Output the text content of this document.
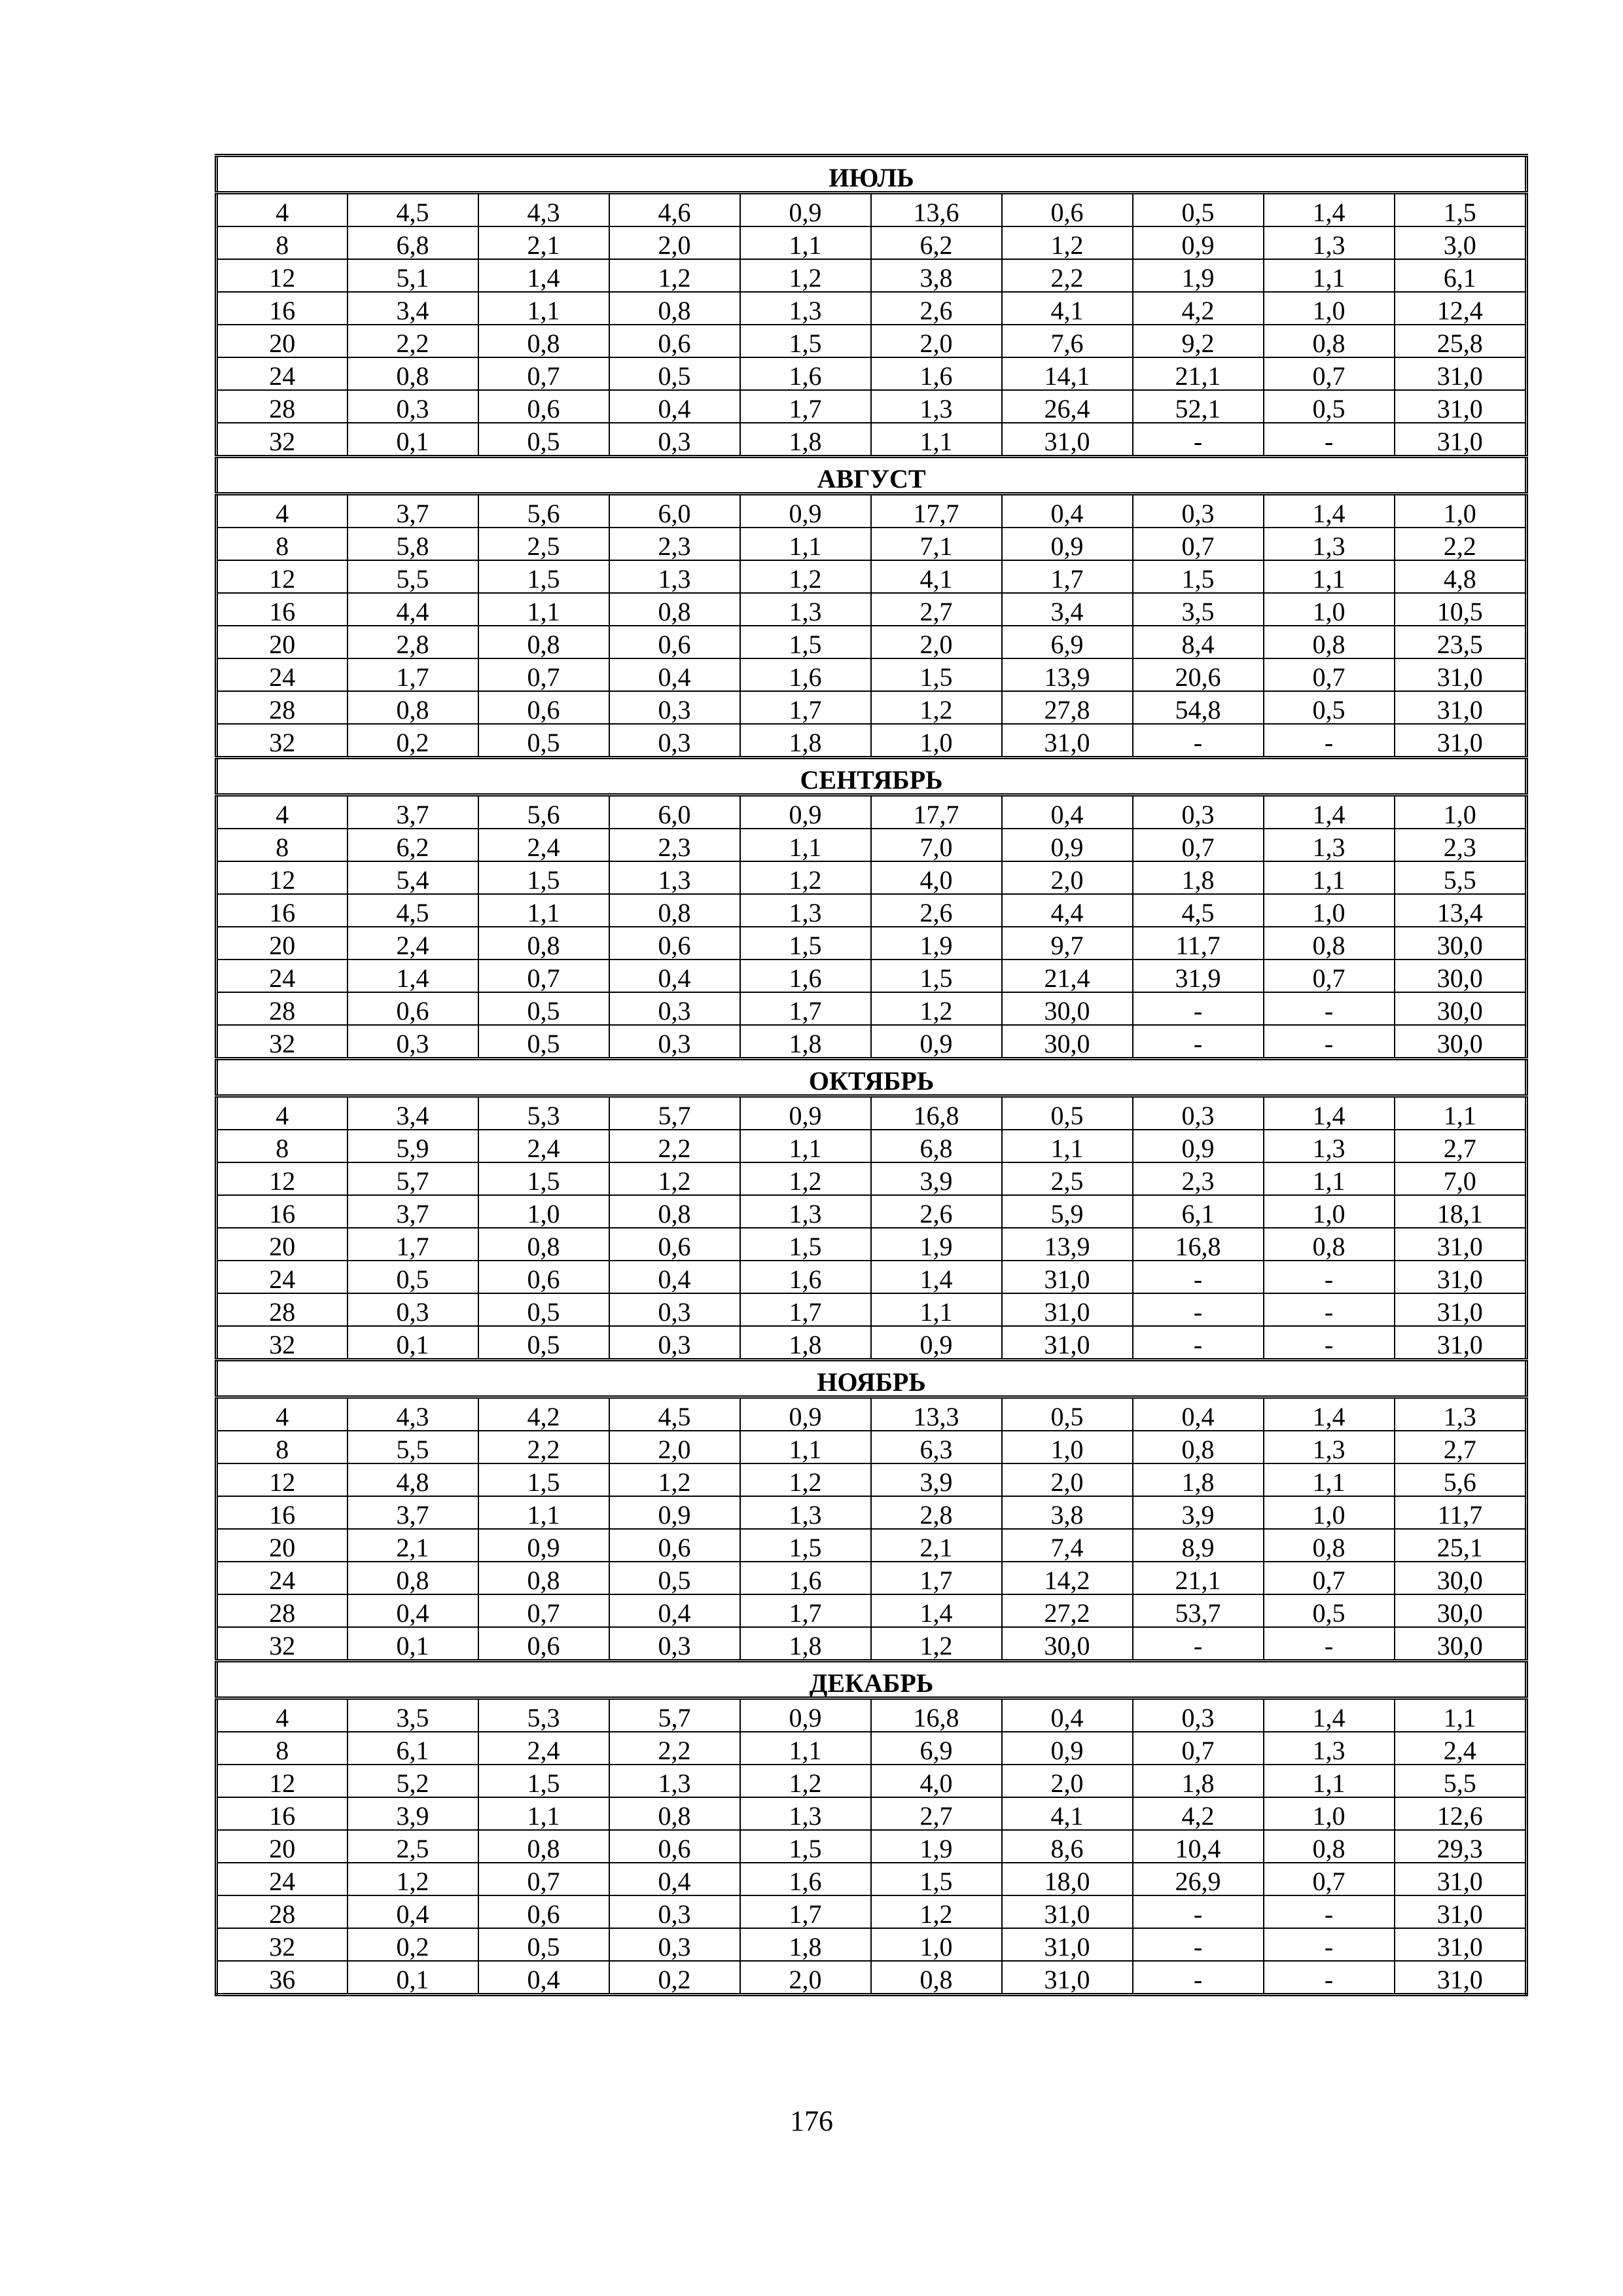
ИЮЛЬ									
4	4,5	4,3	4,6	0,9	13,6	0,6	0,5	1,4	1,5
8	6,8	2,1	2,0	1,1	6,2	1,2	0,9	1,3	3,0
12	5,1	1,4	1,2	1,2	3,8	2,2	1,9	1,1	6,1
16	3,4	1,1	0,8	1,3	2,6	4,1	4,2	1,0	12,4
20	2,2	0,8	0,6	1,5	2,0	7,6	9,2	0,8	25,8
24	0,8	0,7	0,5	1,6	1,6	14,1	21,1	0,7	31,0
28	0,3	0,6	0,4	1,7	1,3	26,4	52,1	0,5	31,0
32	0,1	0,5	0,3	1,8	1,1	31,0	-	-	31,0
АВГУСТ									
4	3,7	5,6	6,0	0,9	17,7	0,4	0,3	1,4	1,0
8	5,8	2,5	2,3	1,1	7,1	0,9	0,7	1,3	2,2
12	5,5	1,5	1,3	1,2	4,1	1,7	1,5	1,1	4,8
16	4,4	1,1	0,8	1,3	2,7	3,4	3,5	1,0	10,5
20	2,8	0,8	0,6	1,5	2,0	6,9	8,4	0,8	23,5
24	1,7	0,7	0,4	1,6	1,5	13,9	20,6	0,7	31,0
28	0,8	0,6	0,3	1,7	1,2	27,8	54,8	0,5	31,0
32	0,2	0,5	0,3	1,8	1,0	31,0	-	-	31,0
СЕНТЯБРЬ									
4	3,7	5,6	6,0	0,9	17,7	0,4	0,3	1,4	1,0
8	6,2	2,4	2,3	1,1	7,0	0,9	0,7	1,3	2,3
12	5,4	1,5	1,3	1,2	4,0	2,0	1,8	1,1	5,5
16	4,5	1,1	0,8	1,3	2,6	4,4	4,5	1,0	13,4
20	2,4	0,8	0,6	1,5	1,9	9,7	11,7	0,8	30,0
24	1,4	0,7	0,4	1,6	1,5	21,4	31,9	0,7	30,0
28	0,6	0,5	0,3	1,7	1,2	30,0	-	-	30,0
32	0,3	0,5	0,3	1,8	0,9	30,0	-	-	30,0
ОКТЯБРЬ									
4	3,4	5,3	5,7	0,9	16,8	0,5	0,3	1,4	1,1
8	5,9	2,4	2,2	1,1	6,8	1,1	0,9	1,3	2,7
12	5,7	1,5	1,2	1,2	3,9	2,5	2,3	1,1	7,0
16	3,7	1,0	0,8	1,3	2,6	5,9	6,1	1,0	18,1
20	1,7	0,8	0,6	1,5	1,9	13,9	16,8	0,8	31,0
24	0,5	0,6	0,4	1,6	1,4	31,0	-	-	31,0
28	0,3	0,5	0,3	1,7	1,1	31,0	-	-	31,0
32	0,1	0,5	0,3	1,8	0,9	31,0	-	-	31,0
НОЯБРЬ									
4	4,3	4,2	4,5	0,9	13,3	0,5	0,4	1,4	1,3
8	5,5	2,2	2,0	1,1	6,3	1,0	0,8	1,3	2,7
12	4,8	1,5	1,2	1,2	3,9	2,0	1,8	1,1	5,6
16	3,7	1,1	0,9	1,3	2,8	3,8	3,9	1,0	11,7
20	2,1	0,9	0,6	1,5	2,1	7,4	8,9	0,8	25,1
24	0,8	0,8	0,5	1,6	1,7	14,2	21,1	0,7	30,0
28	0,4	0,7	0,4	1,7	1,4	27,2	53,7	0,5	30,0
32	0,1	0,6	0,3	1,8	1,2	30,0	-	-	30,0
ДЕКАБРЬ									
4	3,5	5,3	5,7	0,9	16,8	0,4	0,3	1,4	1,1
8	6,1	2,4	2,2	1,1	6,9	0,9	0,7	1,3	2,4
12	5,2	1,5	1,3	1,2	4,0	2,0	1,8	1,1	5,5
16	3,9	1,1	0,8	1,3	2,7	4,1	4,2	1,0	12,6
20	2,5	0,8	0,6	1,5	1,9	8,6	10,4	0,8	29,3
24	1,2	0,7	0,4	1,6	1,5	18,0	26,9	0,7	31,0
28	0,4	0,6	0,3	1,7	1,2	31,0	-	-	31,0
32	0,2	0,5	0,3	1,8	1,0	31,0	-	-	31,0
36	0,1	0,4	0,2	2,0	0,8	31,0	-	-	31,0
176
